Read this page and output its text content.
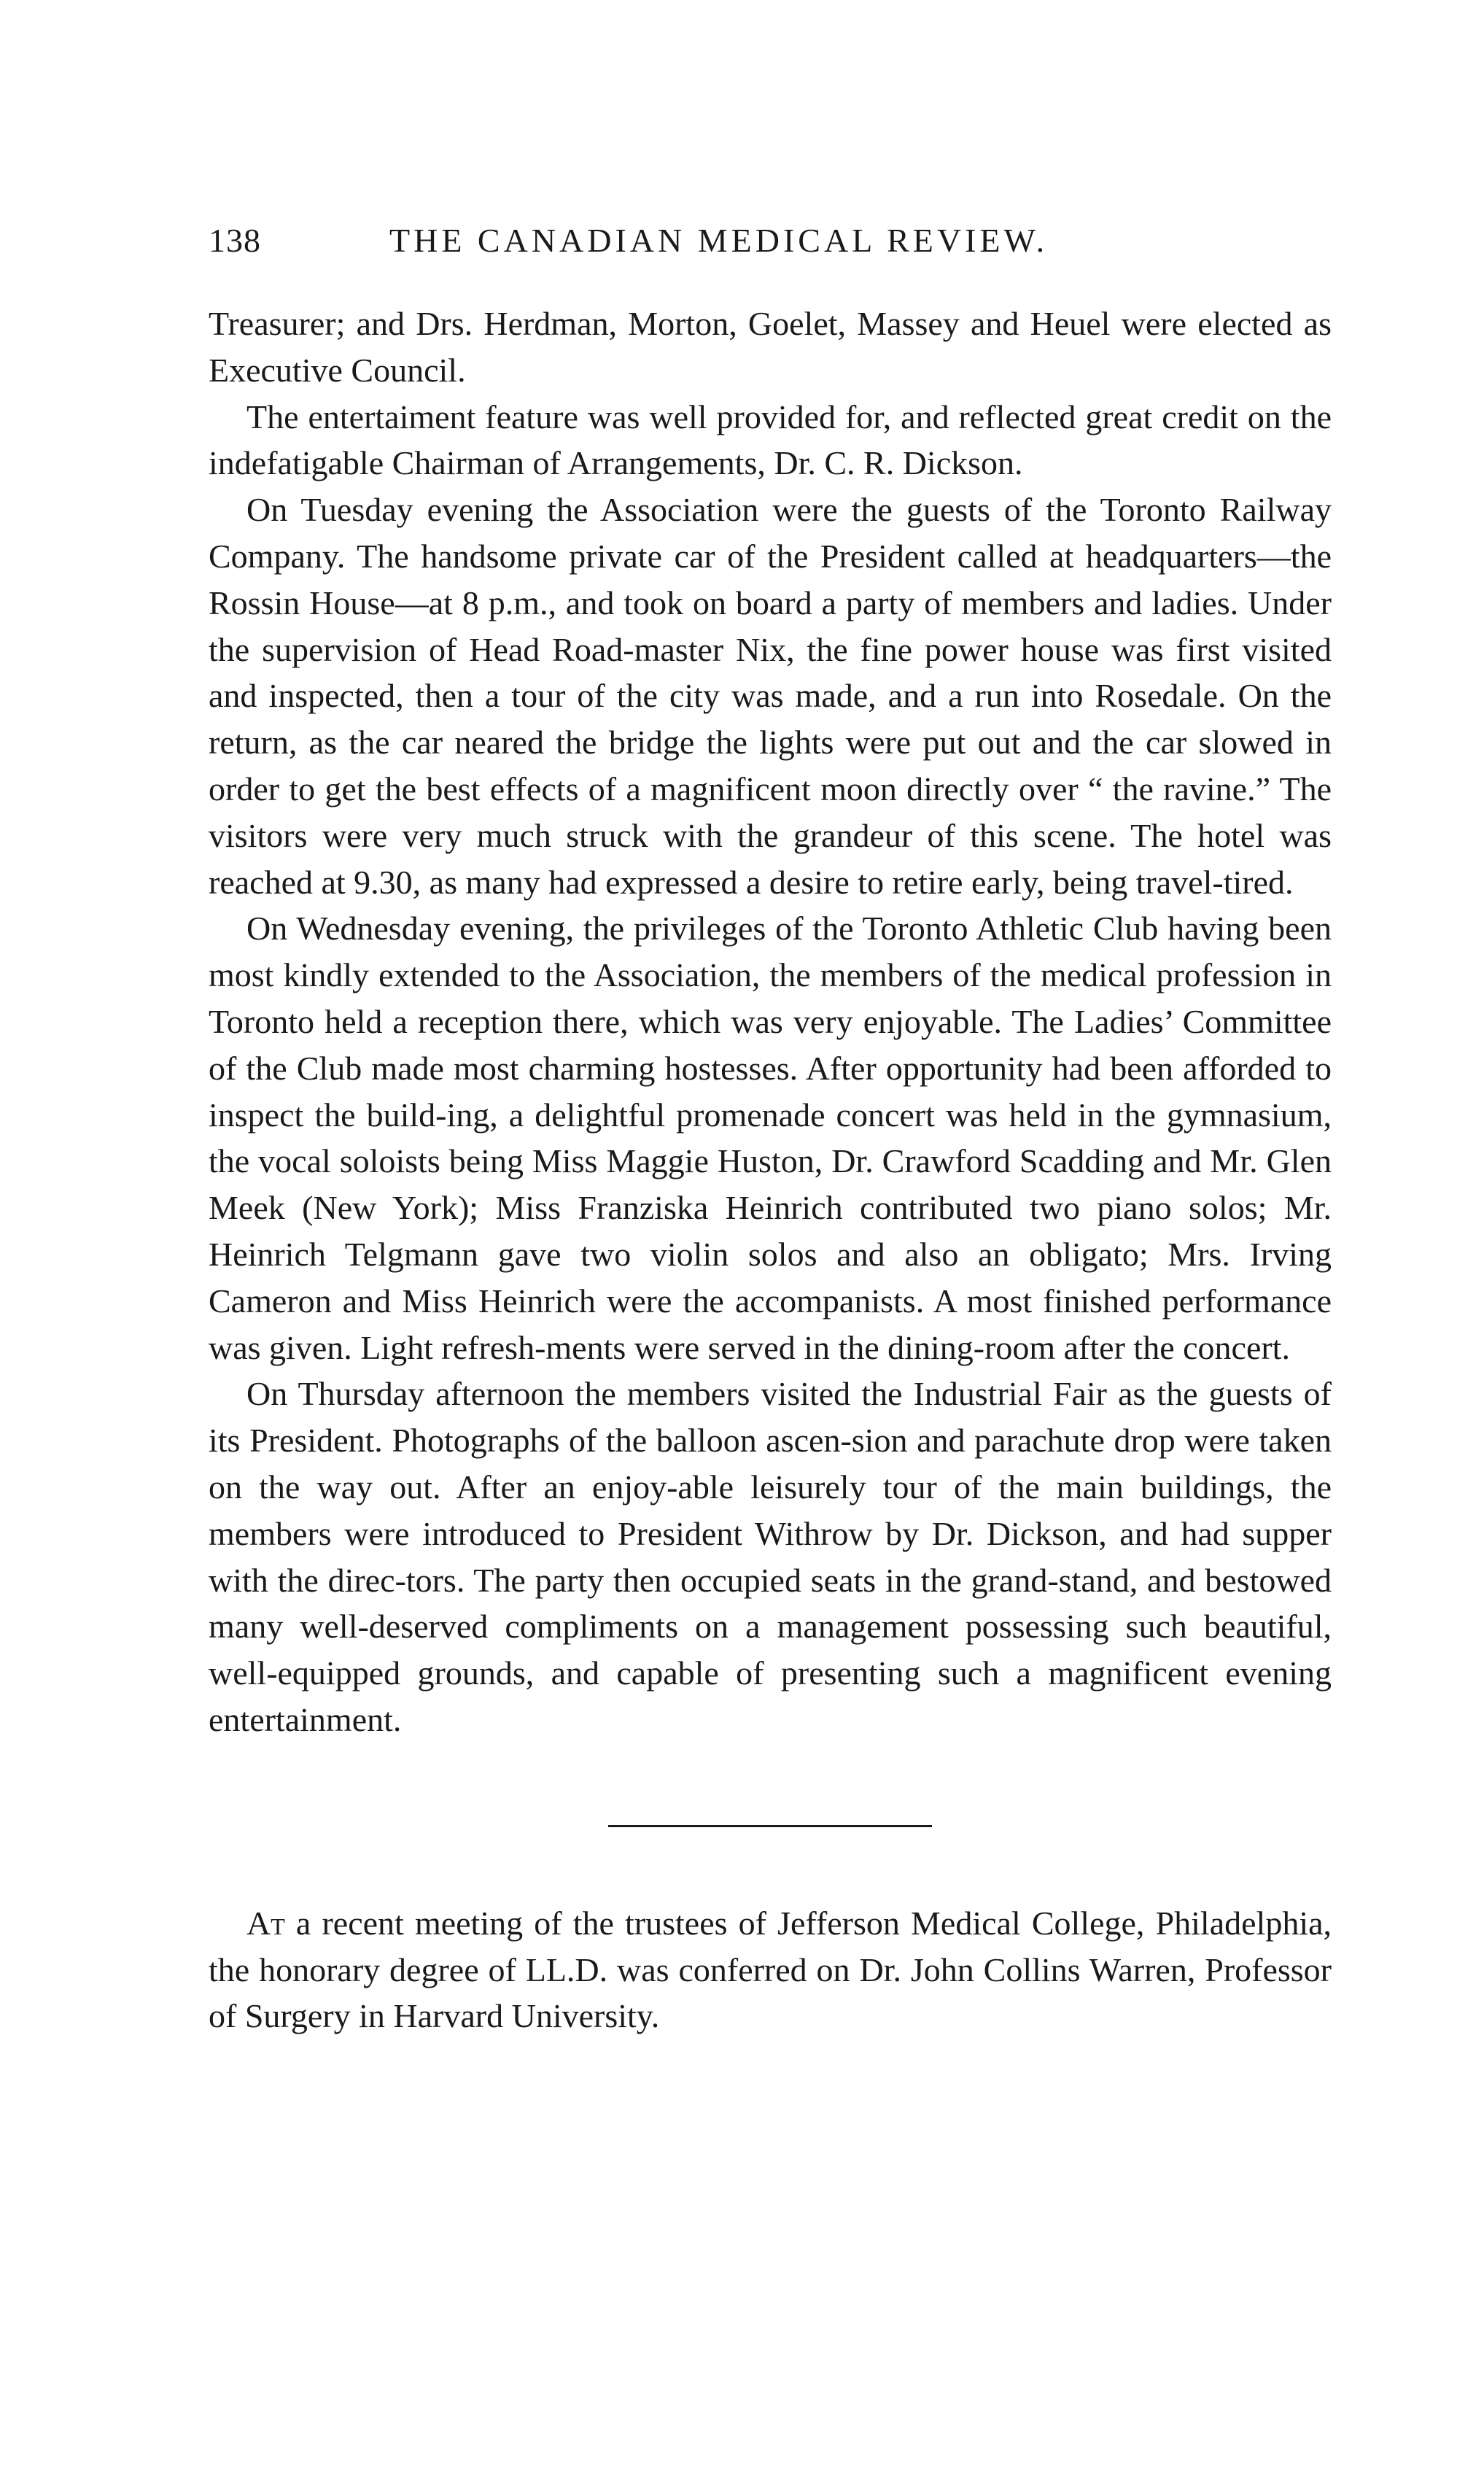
138	THE CANADIAN MEDICAL REVIEW.

Treasurer; and Drs. Herdman, Morton, Goelet, Massey and Heuel were elected as Executive Council.

The entertaiment feature was well provided for, and reflected great credit on the indefatigable Chairman of Arrangements, Dr. C. R. Dickson.

On Tuesday evening the Association were the guests of the Toronto Railway Company. The handsome private car of the President called at headquarters—the Rossin House—at 8 p.m., and took on board a party of members and ladies. Under the supervision of Head Road-master Nix, the fine power house was first visited and inspected, then a tour of the city was made, and a run into Rosedale. On the return, as the car neared the bridge the lights were put out and the car slowed in order to get the best effects of a magnificent moon directly over “ the ravine.” The visitors were very much struck with the grandeur of this scene. The hotel was reached at 9.30, as many had expressed a desire to retire early, being travel-tired.

On Wednesday evening, the privileges of the Toronto Athletic Club having been most kindly extended to the Association, the members of the medical profession in Toronto held a reception there, which was very enjoyable. The Ladies’ Committee of the Club made most charming hostesses. After opportunity had been afforded to inspect the build-ing, a delightful promenade concert was held in the gymnasium, the vocal soloists being Miss Maggie Huston, Dr. Crawford Scadding and Mr. Glen Meek (New York); Miss Franziska Heinrich contributed two piano solos; Mr. Heinrich Telgmann gave two violin solos and also an obligato; Mrs. Irving Cameron and Miss Heinrich were the accompanists. A most finished performance was given. Light refresh-ments were served in the dining-room after the concert.

On Thursday afternoon the members visited the Industrial Fair as the guests of its President. Photographs of the balloon ascen-sion and parachute drop were taken on the way out. After an enjoy-able leisurely tour of the main buildings, the members were introduced to President Withrow by Dr. Dickson, and had supper with the direc-tors. The party then occupied seats in the grand-stand, and bestowed many well-deserved compliments on a management possessing such beautiful, well-equipped grounds, and capable of presenting such a magnificent evening entertainment.

At a recent meeting of the trustees of Jefferson Medical College, Philadelphia, the honorary degree of LL.D. was conferred on Dr. John Collins Warren, Professor of Surgery in Harvard University.
